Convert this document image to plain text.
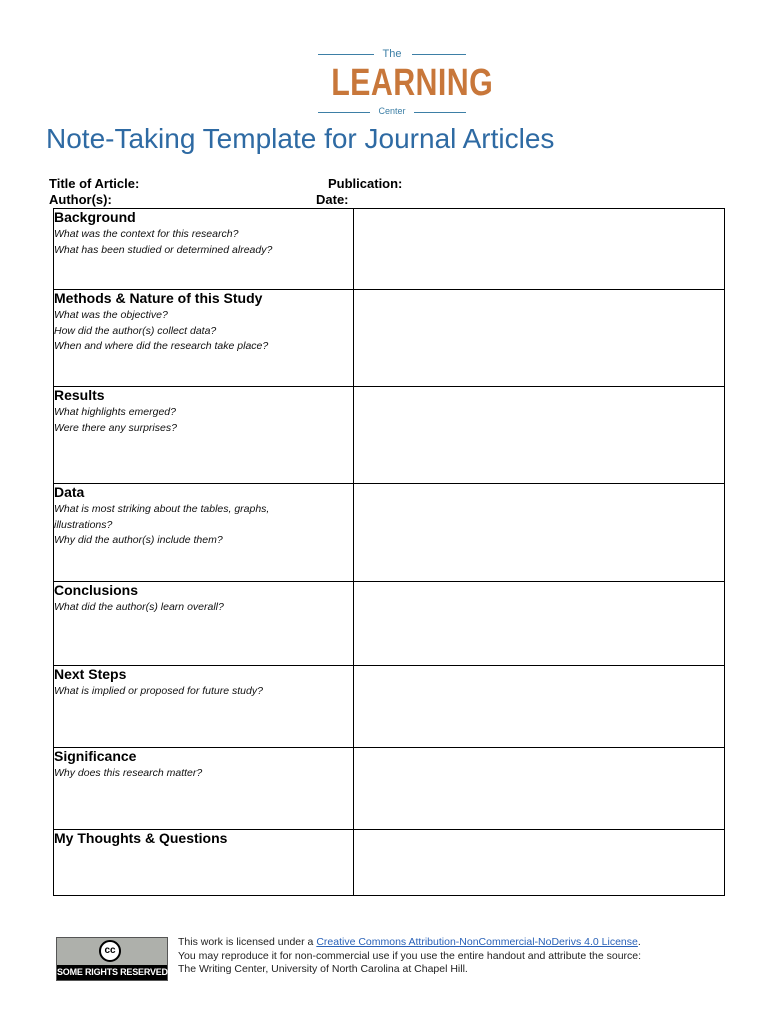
The
LEARNING
Center
Note-Taking Template for Journal Articles
Title of Article:	Publication:
Author(s):	Date:
Background
What was the context for this research?
What has been studied or determined already?	

Methods & Nature of this Study
What was the objective?
How did the author(s) collect data?
When and where did the research take place?	

Results
What highlights emerged?
Were there any surprises?	

Data
What is most striking about the tables, graphs,
illustrations?
Why did the author(s) include them?	

Conclusions
What did the author(s) learn overall?	

Next Steps
What is implied or proposed for future study?	

Significance
Why does this research matter?	

My Thoughts & Questions	

cc
SOME RIGHTS RESERVED
This work is licensed under a Creative Commons Attribution-NonCommercial-NoDerivs 4.0 License.
You may reproduce it for non-commercial use if you use the entire handout and attribute the source:
The Writing Center, University of North Carolina at Chapel Hill.
